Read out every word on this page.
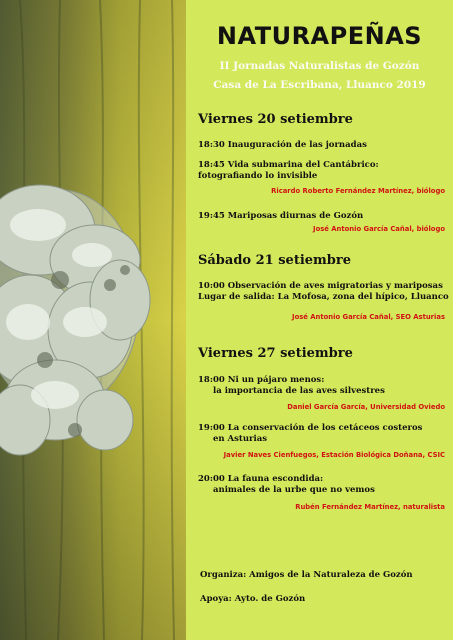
NATURAPEÑAS
II Jornadas Naturalistas de Gozón
Casa de La Escribana, Lluanco 2019
Viernes 20 setiembre
18:30 Inauguración de las jornadas
18:45 Vida submarina del Cantábrico:
fotografiando lo invisible
Ricardo Roberto Fernández Martínez, biólogo
19:45 Mariposas diurnas de Gozón
José Antonio García Cañal, biólogo
Sábado 21 setiembre
10:00 Observación de aves migratorias y mariposas
Lugar de salida: La Mofosa, zona del hípico, Lluanco
José Antonio García Cañal, SEO Asturias
Viernes 27 setiembre
18:00 Ni un pájaro menos:
la importancia de las aves silvestres
Daniel García García, Universidad Oviedo
19:00 La conservación de los cetáceos costeros
en Asturias
Javier Naves Cienfuegos, Estación Biológica Doñana, CSIC
20:00 La fauna escondida:
animales de la urbe que no vemos
Rubén Fernández Martínez, naturalista
Organiza: Amigos de la Naturaleza de Gozón
Apoya: Ayto. de Gozón
